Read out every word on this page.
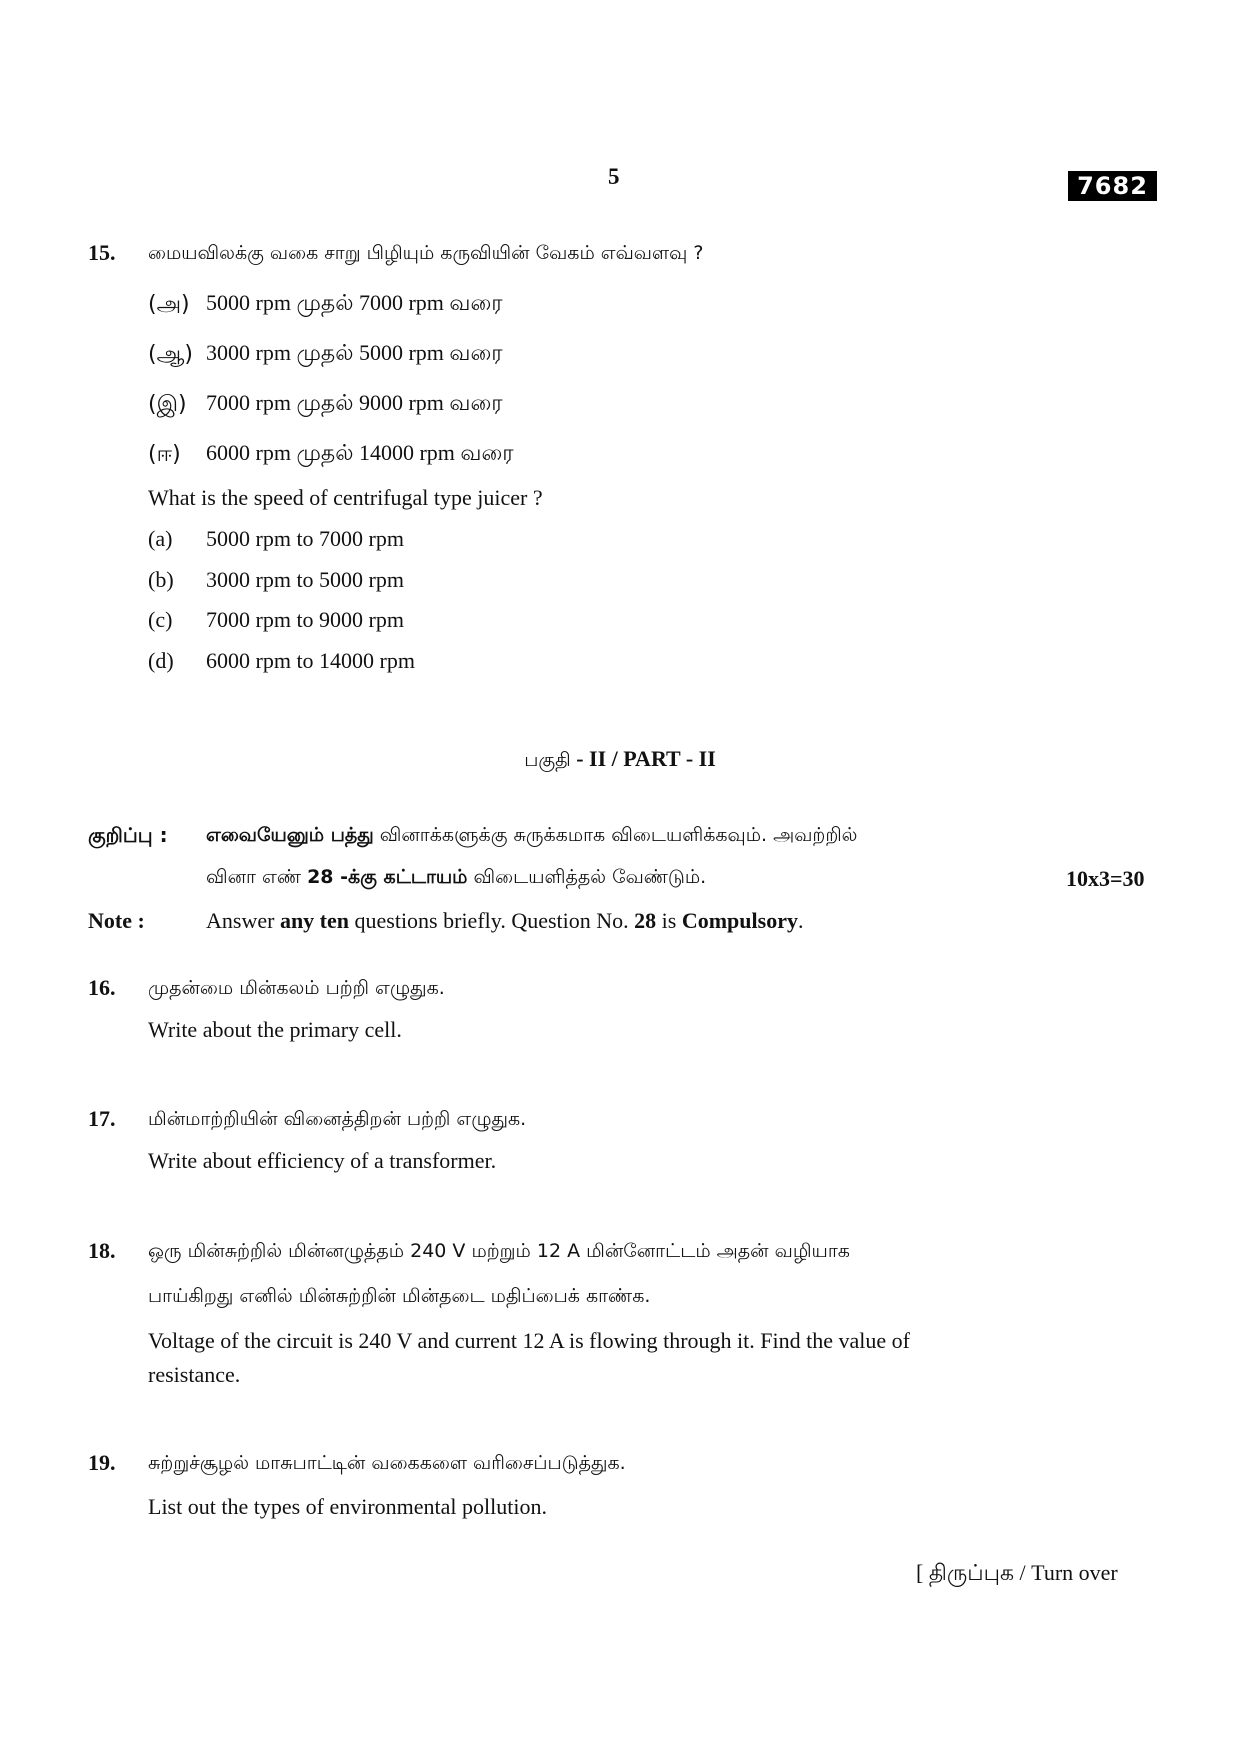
5	7682
15. மையவிலக்கு வகை சாறு பிழியும் கருவியின் வேகம் எவ்வளவு ?
(அ) 5000 rpm முதல் 7000 rpm வரை
(ஆ) 3000 rpm முதல் 5000 rpm வரை
(இ) 7000 rpm முதல் 9000 rpm வரை
(ஈ) 6000 rpm முதல் 14000 rpm வரை
What is the speed of centrifugal type juicer ?
(a) 5000 rpm to 7000 rpm
(b) 3000 rpm to 5000 rpm
(c) 7000 rpm to 9000 rpm
(d) 6000 rpm to 14000 rpm
பகுதி - II / PART - II
குறிப்பு : எவையேனும் பத்து வினாக்களுக்கு சுருக்கமாக விடையளிக்கவும். அவற்றில்
வினா எண் 28 -க்கு கட்டாயம் விடையளித்தல் வேண்டும்.	10x3=30
Note :	Answer any ten questions briefly. Question No. 28 is Compulsory.
16. முதன்மை மின்கலம் பற்றி எழுதுக.
Write about the primary cell.
17. மின்மாற்றியின் வினைத்திறன் பற்றி எழுதுக.
Write about efficiency of a transformer.
18. ஒரு மின்சுற்றில் மின்னழுத்தம் 240 V மற்றும் 12 A மின்னோட்டம் அதன் வழியாக
பாய்கிறது எனில் மின்சுற்றின் மின்தடை மதிப்பைக் காண்க.
Voltage of the circuit is 240 V and current 12 A is flowing through it. Find the value of
resistance.
19. சுற்றுச்சூழல் மாசுபாட்டின் வகைகளை வரிசைப்படுத்துக.
List out the types of environmental pollution.
[ திருப்புக / Turn over
